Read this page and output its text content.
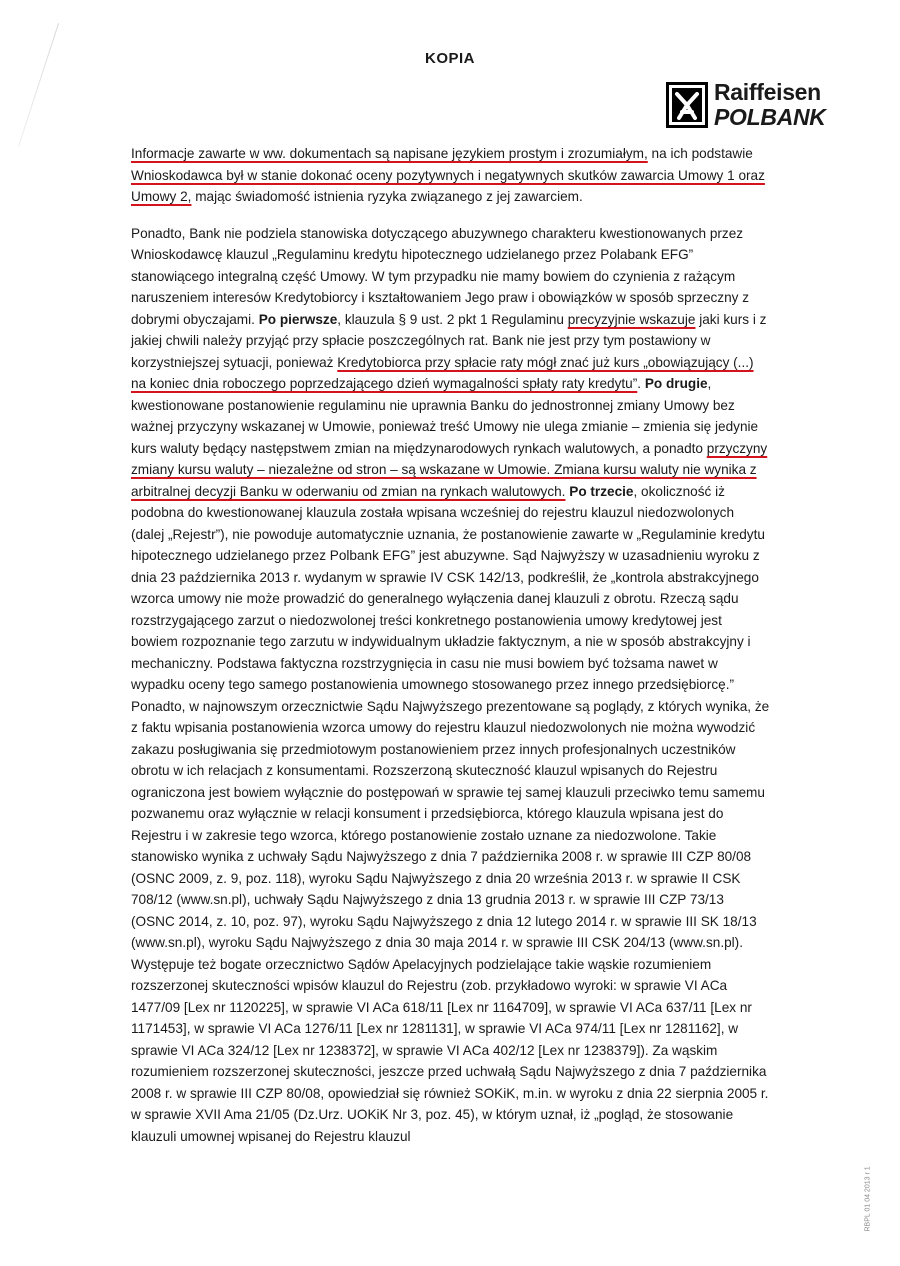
KOPIA
Raiffeisen
POLBANK

Informacje zawarte w ww. dokumentach są napisane językiem prostym i zrozumiałym, na ich podstawie Wnioskodawca był w stanie dokonać oceny pozytywnych i negatywnych skutków zawarcia Umowy 1 oraz Umowy 2, mając świadomość istnienia ryzyka związanego z jej zawarciem.

Ponadto, Bank nie podziela stanowiska dotyczącego abuzywnego charakteru kwestionowanych przez Wnioskodawcę klauzul „Regulaminu kredytu hipotecznego udzielanego przez Polabank EFG” stanowiącego integralną część Umowy. W tym przypadku nie mamy bowiem do czynienia z rażącym naruszeniem interesów Kredytobiorcy i kształtowaniem Jego praw i obowiązków w sposób sprzeczny z dobrymi obyczajami. Po pierwsze, klauzula § 9 ust. 2 pkt 1 Regulaminu precyzyjnie wskazuje jaki kurs i z jakiej chwili należy przyjąć przy spłacie poszczególnych rat. Bank nie jest przy tym postawiony w korzystniejszej sytuacji, ponieważ Kredytobiorca przy spłacie raty mógł znać już kurs „obowiązujący (...) na koniec dnia roboczego poprzedzającego dzień wymagalności spłaty raty kredytu”. Po drugie, kwestionowane postanowienie regulaminu nie uprawnia Banku do jednostronnej zmiany Umowy bez ważnej przyczyny wskazanej w Umowie, ponieważ treść Umowy nie ulega zmianie – zmienia się jedynie kurs waluty będący następstwem zmian na międzynarodowych rynkach walutowych, a ponadto przyczyny zmiany kursu waluty – niezależne od stron – są wskazane w Umowie. Zmiana kursu waluty nie wynika z arbitralnej decyzji Banku w oderwaniu od zmian na rynkach walutowych. Po trzecie, okoliczność iż podobna do kwestionowanej klauzula została wpisana wcześniej do rejestru klauzul niedozwolonych (dalej „Rejestr”), nie powoduje automatycznie uznania, że postanowienie zawarte w „Regulaminie kredytu hipotecznego udzielanego przez Polbank EFG” jest abuzywne. Sąd Najwyższy w uzasadnieniu wyroku z dnia 23 października 2013 r. wydanym w sprawie IV CSK 142/13, podkreślił, że „kontrola abstrakcyjnego wzorca umowy nie może prowadzić do generalnego wyłączenia danej klauzuli z obrotu. Rzeczą sądu rozstrzygającego zarzut o niedozwolonej treści konkretnego postanowienia umowy kredytowej jest bowiem rozpoznanie tego zarzutu w indywidualnym układzie faktycznym, a nie w sposób abstrakcyjny i mechaniczny. Podstawa faktyczna rozstrzygnięcia in casu nie musi bowiem być tożsama nawet w wypadku oceny tego samego postanowienia umownego stosowanego przez innego przedsiębiorcę.” Ponadto, w najnowszym orzecznictwie Sądu Najwyższego prezentowane są poglądy, z których wynika, że z faktu wpisania postanowienia wzorca umowy do rejestru klauzul niedozwolonych nie można wywodzić zakazu posługiwania się przedmiotowym postanowieniem przez innych profesjonalnych uczestników obrotu w ich relacjach z konsumentami. Rozszerzoną skuteczność klauzul wpisanych do Rejestru ograniczona jest bowiem wyłącznie do postępowań w sprawie tej samej klauzuli przeciwko temu samemu pozwanemu oraz wyłącznie w relacji konsument i przedsiębiorca, którego klauzula wpisana jest do Rejestru i w zakresie tego wzorca, którego postanowienie zostało uznane za niedozwolone. Takie stanowisko wynika z uchwały Sądu Najwyższego z dnia 7 października 2008 r. w sprawie III CZP 80/08 (OSNC 2009, z. 9, poz. 118), wyroku Sądu Najwyższego z dnia 20 września 2013 r. w sprawie II CSK 708/12 (www.sn.pl), uchwały Sądu Najwyższego z dnia 13 grudnia 2013 r. w sprawie III CZP 73/13 (OSNC 2014, z. 10, poz. 97), wyroku Sądu Najwyższego z dnia 12 lutego 2014 r. w sprawie III SK 18/13 (www.sn.pl), wyroku Sądu Najwyższego z dnia 30 maja 2014 r. w sprawie III CSK 204/13 (www.sn.pl). Występuje też bogate orzecznictwo Sądów Apelacyjnych podzielające takie wąskie rozumieniem rozszerzonej skuteczności wpisów klauzul do Rejestru (zob. przykładowo wyroki: w sprawie VI ACa 1477/09 [Lex nr 1120225], w sprawie VI ACa 618/11 [Lex nr 1164709], w sprawie VI ACa 637/11 [Lex nr 1171453], w sprawie VI ACa 1276/11 [Lex nr 1281131], w sprawie VI ACa 974/11 [Lex nr 1281162], w sprawie VI ACa 324/12 [Lex nr 1238372], w sprawie VI ACa 402/12 [Lex nr 1238379]). Za wąskim rozumieniem rozszerzonej skuteczności, jeszcze przed uchwałą Sądu Najwyższego z dnia 7 października 2008 r. w sprawie III CZP 80/08, opowiedział się również SOKiK, m.in. w wyroku z dnia 22 sierpnia 2005 r. w sprawie XVII Ama 21/05 (Dz.Urz. UOKiK Nr 3, poz. 45), w którym uznał, iż „pogląd, że stosowanie klauzuli umownej wpisanej do Rejestru klauzul

RBPL 01 04 2013 r 1
